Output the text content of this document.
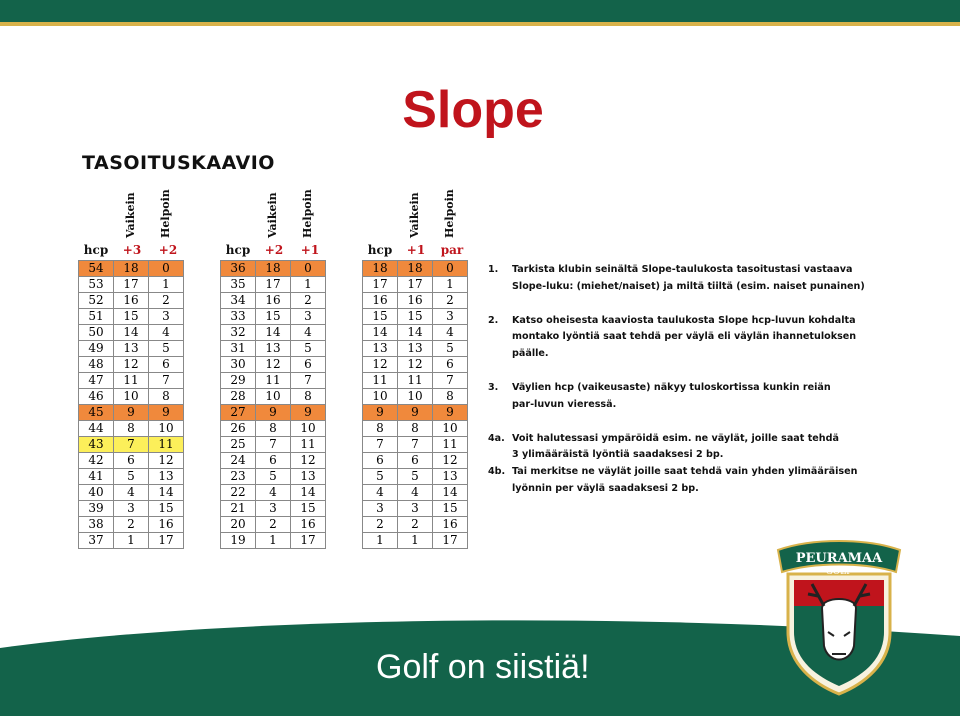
Slope
TASOITUSKAAVIO
Vaikein Helpoin	Vaikein Helpoin	Vaikein Helpoin
hcp	+3	+2	hcp	+2	+1	hcp	+1	par
54	18	0
53	17	1
52	16	2
51	15	3
50	14	4
49	13	5
48	12	6
47	11	7
46	10	8
45	9	9
44	8	10
43	7	11
42	6	12
41	5	13
40	4	14
39	3	15
38	2	16
37	1	17
36	18	0
35	17	1
34	16	2
33	15	3
32	14	4
31	13	5
30	12	6
29	11	7
28	10	8
27	9	9
26	8	10
25	7	11
24	6	12
23	5	13
22	4	14
21	3	15
20	2	16
19	1	17
18	18	0
17	17	1
16	16	2
15	15	3
14	14	4
13	13	5
12	12	6
11	11	7
10	10	8
9	9	9
8	8	10
7	7	11
6	6	12
5	5	13
4	4	14
3	3	15
2	2	16
1	1	17
1. Tarkista klubin seinältä Slope-taulukosta tasoitustasi vastaava
Slope-luku: (miehet/naiset) ja miltä tiiltä (esim. naiset punainen)
2. Katso oheisesta kaaviosta taulukosta Slope hcp-luvun kohdalta
montako lyöntiä saat tehdä per väylä eli väylän ihannetuloksen
päälle.
3. Väylien hcp (vaikeusaste) näkyy tuloskortissa kunkin reiän
par-luvun vieressä.
4a. Voit halutessasi ympäröidä esim. ne väylät, joille saat tehdä
3 ylimääräistä lyöntiä saadaksesi 2 bp.
4b. Tai merkitse ne väylät joille saat tehdä vain yhden ylimääräisen
lyönnin per väylä saadaksesi 2 bp.
Golf on siistiä!
PEURAMAA
GOLF
